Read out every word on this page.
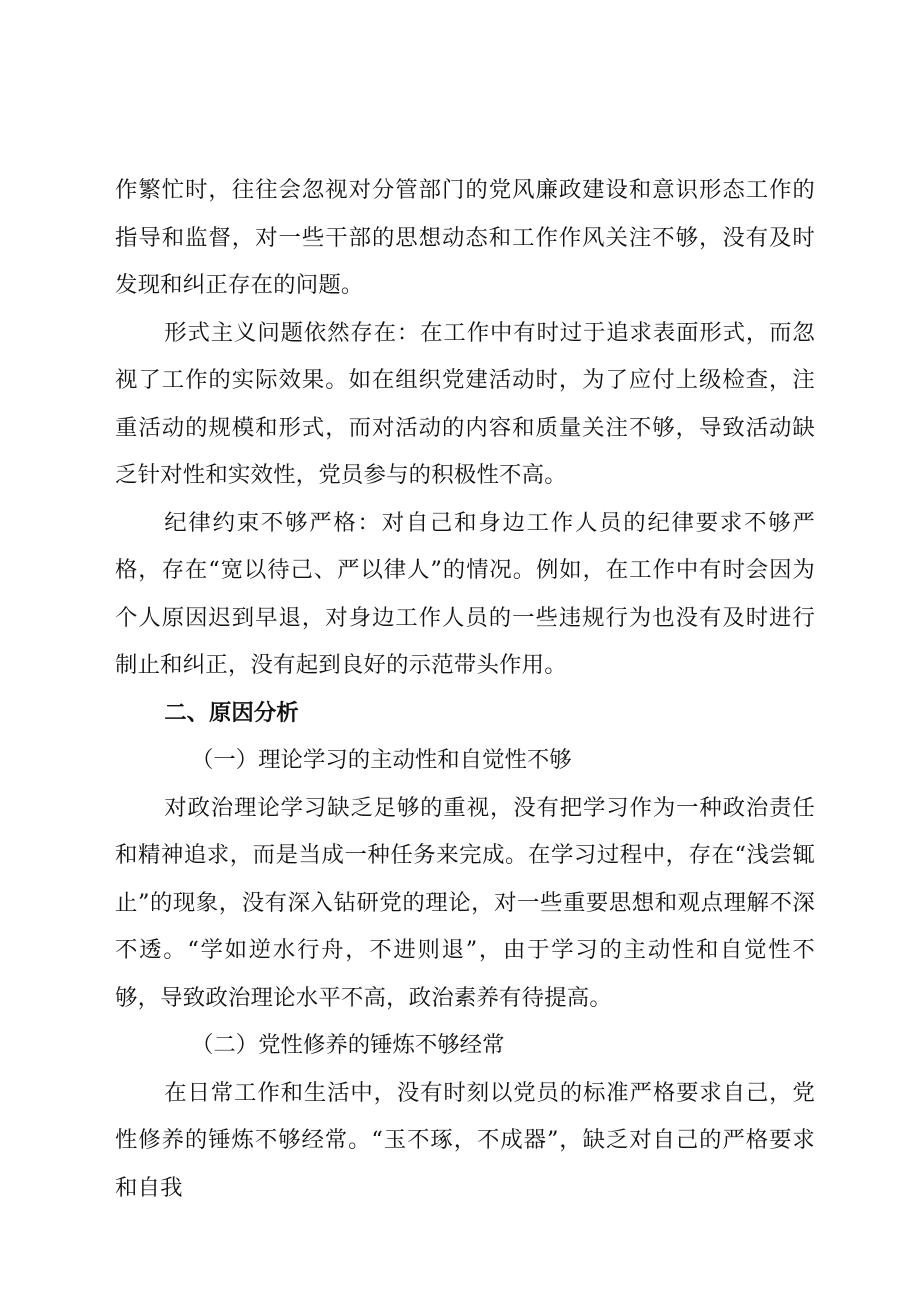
作繁忙时，往往会忽视对分管部门的党风廉政建设和意识形态工作的指导和监督，对一些干部的思想动态和工作作风关注不够，没有及时发现和纠正存在的问题。

形式主义问题依然存在：在工作中有时过于追求表面形式，而忽视了工作的实际效果。如在组织党建活动时，为了应付上级检查，注重活动的规模和形式，而对活动的内容和质量关注不够，导致活动缺乏针对性和实效性，党员参与的积极性不高。

纪律约束不够严格：对自己和身边工作人员的纪律要求不够严格，存在“宽以待己、严以律人”的情况。例如，在工作中有时会因为个人原因迟到早退，对身边工作人员的一些违规行为也没有及时进行制止和纠正，没有起到良好的示范带头作用。

二、原因分析

（一）理论学习的主动性和自觉性不够

对政治理论学习缺乏足够的重视，没有把学习作为一种政治责任和精神追求，而是当成一种任务来完成。在学习过程中，存在“浅尝辄止”的现象，没有深入钻研党的理论，对一些重要思想和观点理解不深不透。“学如逆水行舟，不进则退”，由于学习的主动性和自觉性不够，导致政治理论水平不高，政治素养有待提高。

（二）党性修养的锤炼不够经常

在日常工作和生活中，没有时刻以党员的标准严格要求自己，党性修养的锤炼不够经常。“玉不琢，不成器”，缺乏对自己的严格要求和自我
